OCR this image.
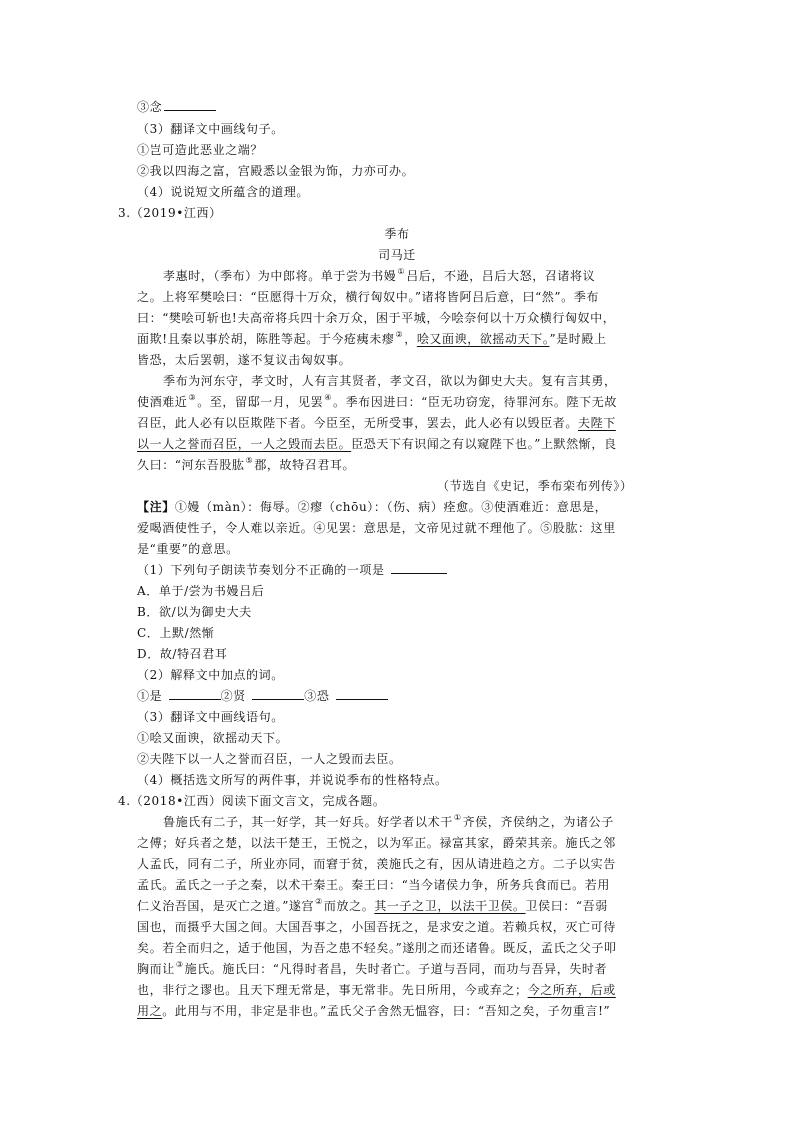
③念
（3）翻译文中画线句子。
①岂可造此恶业之端？
②我以四海之富，宫殿悉以金银为饰，力亦可办。
（4）说说短文所蕴含的道理。
3.（2019•江西）
季布
司马迁
孝惠时，（季布）为中郎将。单于尝为书嫚①吕后，不逊，吕后大怒，召诸将议
之。上将军樊哙曰：“臣愿得十万众，横行匈奴中。”诸将皆阿吕后意，曰“然”。季布
曰：“樊哙可斩也!夫高帝将兵四十余万众，困于平城，今哙奈何以十万众横行匈奴中，
面欺!且秦以事於胡，陈胜等起。于今疮痍未瘳②，哙又面谀，欲摇动天下。”是时殿上
皆恐，太后罢朝，遂不复议击匈奴事。
季布为河东守，孝文时，人有言其贤者，孝文召，欲以为御史大夫。复有言其勇，
使酒难近③。至，留邸一月，见罢④。季布因进曰：“臣无功窃宠，待罪河东。陛下无故
召臣，此人必有以臣欺陛下者。今臣至，无所受事，罢去，此人必有以毁臣者。夫陛下
以一人之誉而召臣，一人之毁而去臣。臣恐天下有识闻之有以窥陛下也。”上默然惭，良
久曰：“河东吾股肱⑤郡，故特召君耳。
（节选自《史记，季布栾布列传》）
【注】①嫚（màn）：侮辱。②瘳（chōu）：（伤、病）痊愈。③使酒难近：意思是，
爱喝酒使性子，令人难以亲近。④见罢：意思是，文帝见过就不理他了。⑤股肱：这里
是“重要”的意思。
（1）下列句子朗读节奏划分不正确的一项是
A．单于/尝为书嫚吕后
B．欲/以为御史大夫
C．上默/然惭
D．故/特召君耳
（2）解释文中加点的词。
①是	②贤	③恐
（3）翻译文中画线语句。
①哙又面谀，欲摇动天下。
②夫陛下以一人之誉而召臣，一人之毁而去臣。
（4）概括选文所写的两件事，并说说季布的性格特点。
4.（2018•江西）阅读下面文言文，完成各题。
鲁施氏有二子，其一好学，其一好兵。好学者以术干①齐侯，齐侯纳之，为诸公子
之傅；好兵者之楚，以法干楚王，王悦之，以为军正。禄富其家，爵荣其亲。施氏之邻
人孟氏，同有二子，所业亦同，而窘于贫，羡施氏之有，因从请进趋之方。二子以实告
孟氏。孟氏之一子之秦，以术干秦王。秦王曰：“当今诸侯力争，所务兵食而已。若用
仁义治吾国，是灭亡之道。”遂宫②而放之。其一子之卫，以法干卫侯。卫侯曰：“吾弱
国也，而摄乎大国之间。大国吾事之，小国吾抚之，是求安之道。若赖兵权，灭亡可待
矣。若全而归之，适于他国，为吾之患不轻矣。”遂刖之而还诸鲁。既反，孟氏之父子叩
胸而让③施氏。施氏曰：“凡得时者昌，失时者亡。子道与吾同，而功与吾异，失时者
也，非行之谬也。且天下理无常是，事无常非。先日所用，今或弃之；今之所弃，后或
用之。此用与不用，非定是非也。”孟氏父子舍然无愠容，曰：“吾知之矣，子勿重言!”
